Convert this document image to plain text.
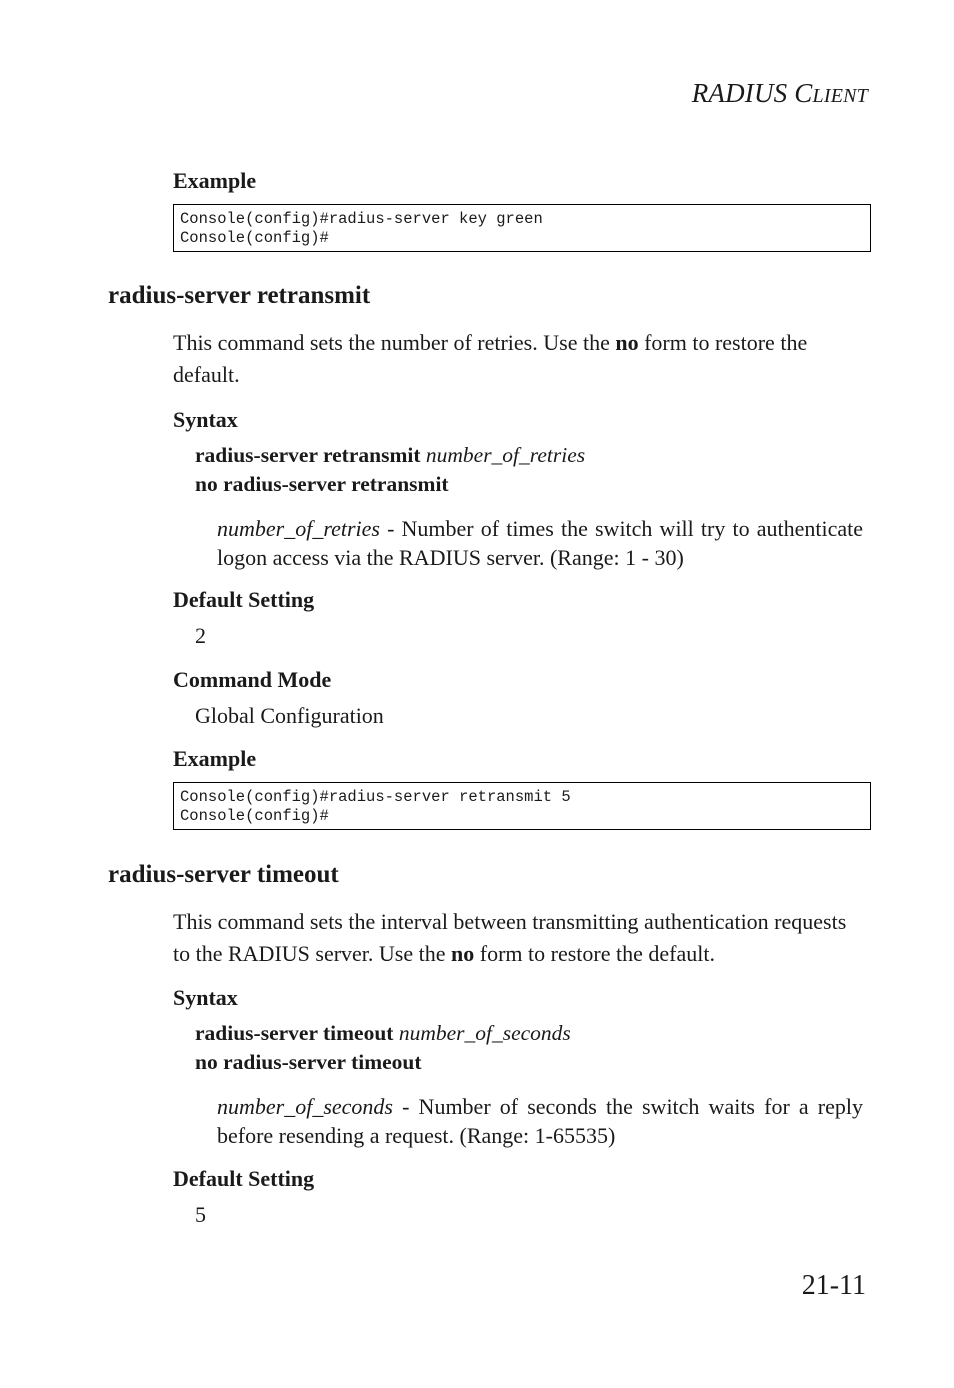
RADIUS CLIENT
Example
Console(config)#radius-server key green
Console(config)#
radius-server retransmit
This command sets the number of retries. Use the no form to restore the default.
Syntax
radius-server retransmit number_of_retries
no radius-server retransmit
number_of_retries - Number of times the switch will try to authenticate logon access via the RADIUS server. (Range: 1 - 30)
Default Setting
2
Command Mode
Global Configuration
Example
Console(config)#radius-server retransmit 5
Console(config)#
radius-server timeout
This command sets the interval between transmitting authentication requests to the RADIUS server. Use the no form to restore the default.
Syntax
radius-server timeout number_of_seconds
no radius-server timeout
number_of_seconds - Number of seconds the switch waits for a reply before resending a request. (Range: 1-65535)
Default Setting
5
21-11
